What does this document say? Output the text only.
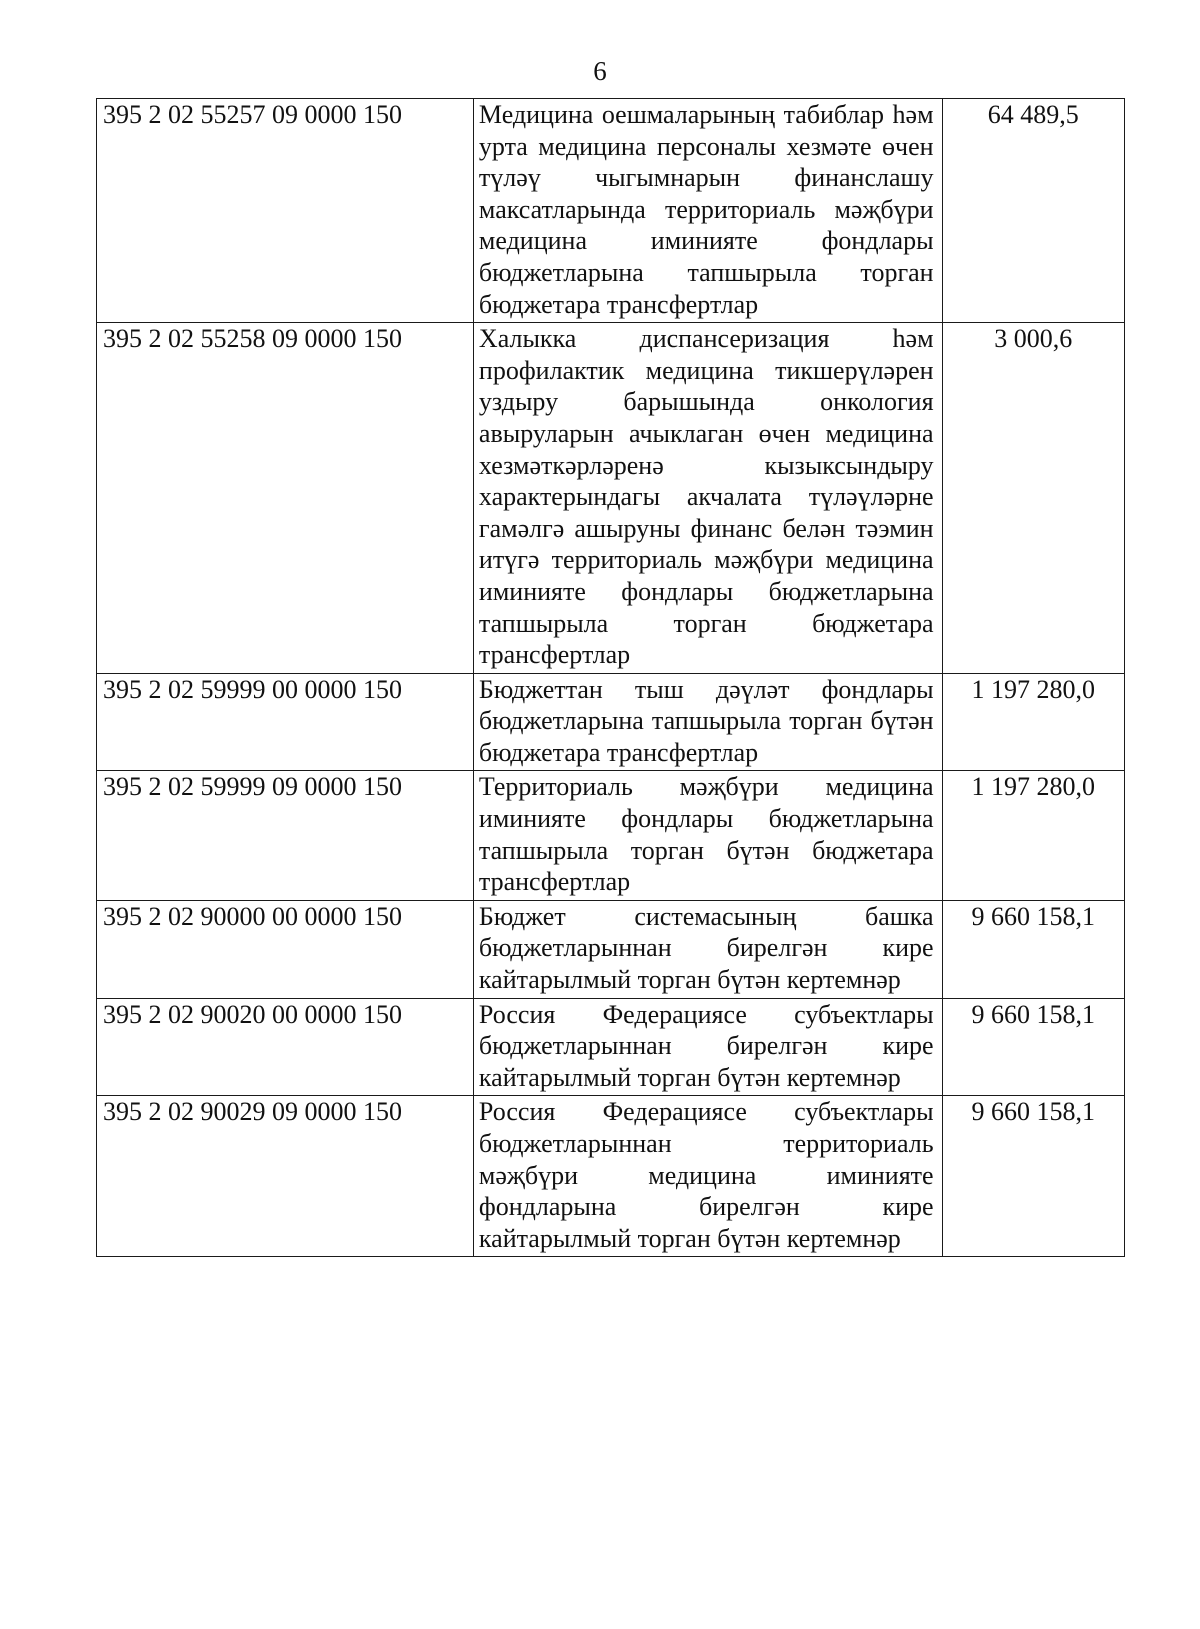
6
395 2 02 55257 09 0000 150	Медицина оешмаларының табиблар һәм урта медицина персоналы хезмәте өчен түләү чыгымнарын финанслашу максатларында территориаль мәҗбүри медицина иминияте фондлары бюджетларына тапшырыла торган бюджетара трансфертлар	64 489,5
395 2 02 55258 09 0000 150	Халыкка диспансеризация һәм профилактик медицина тикшерүләрен уздыру барышында онкология авыруларын ачыклаган өчен медицина хезмәткәрләренә кызыксындыру характерындагы акчалата түләүләрне гамәлгә ашыруны финанс белән тәэмин итүгә территориаль мәҗбүри медицина иминияте фондлары бюджетларына тапшырыла торган бюджетара трансфертлар	3 000,6
395 2 02 59999 00 0000 150	Бюджеттан тыш дәүләт фондлары бюджетларына тапшырыла торган бүтән бюджетара трансфертлар	1 197 280,0
395 2 02 59999 09 0000 150	Территориаль мәҗбүри медицина иминияте фондлары бюджетларына тапшырыла торган бүтән бюджетара трансфертлар	1 197 280,0
395 2 02 90000 00 0000 150	Бюджет системасының башка бюджетларыннан бирелгән кире кайтарылмый торган бүтән кертемнәр	9 660 158,1
395 2 02 90020 00 0000 150	Россия Федерациясе субъектлары бюджетларыннан бирелгән кире кайтарылмый торган бүтән кертемнәр	9 660 158,1
395 2 02 90029 09 0000 150	Россия Федерациясе субъектлары бюджетларыннан территориаль мәҗбүри медицина иминияте фондларына бирелгән кире кайтарылмый торган бүтән кертемнәр	9 660 158,1
